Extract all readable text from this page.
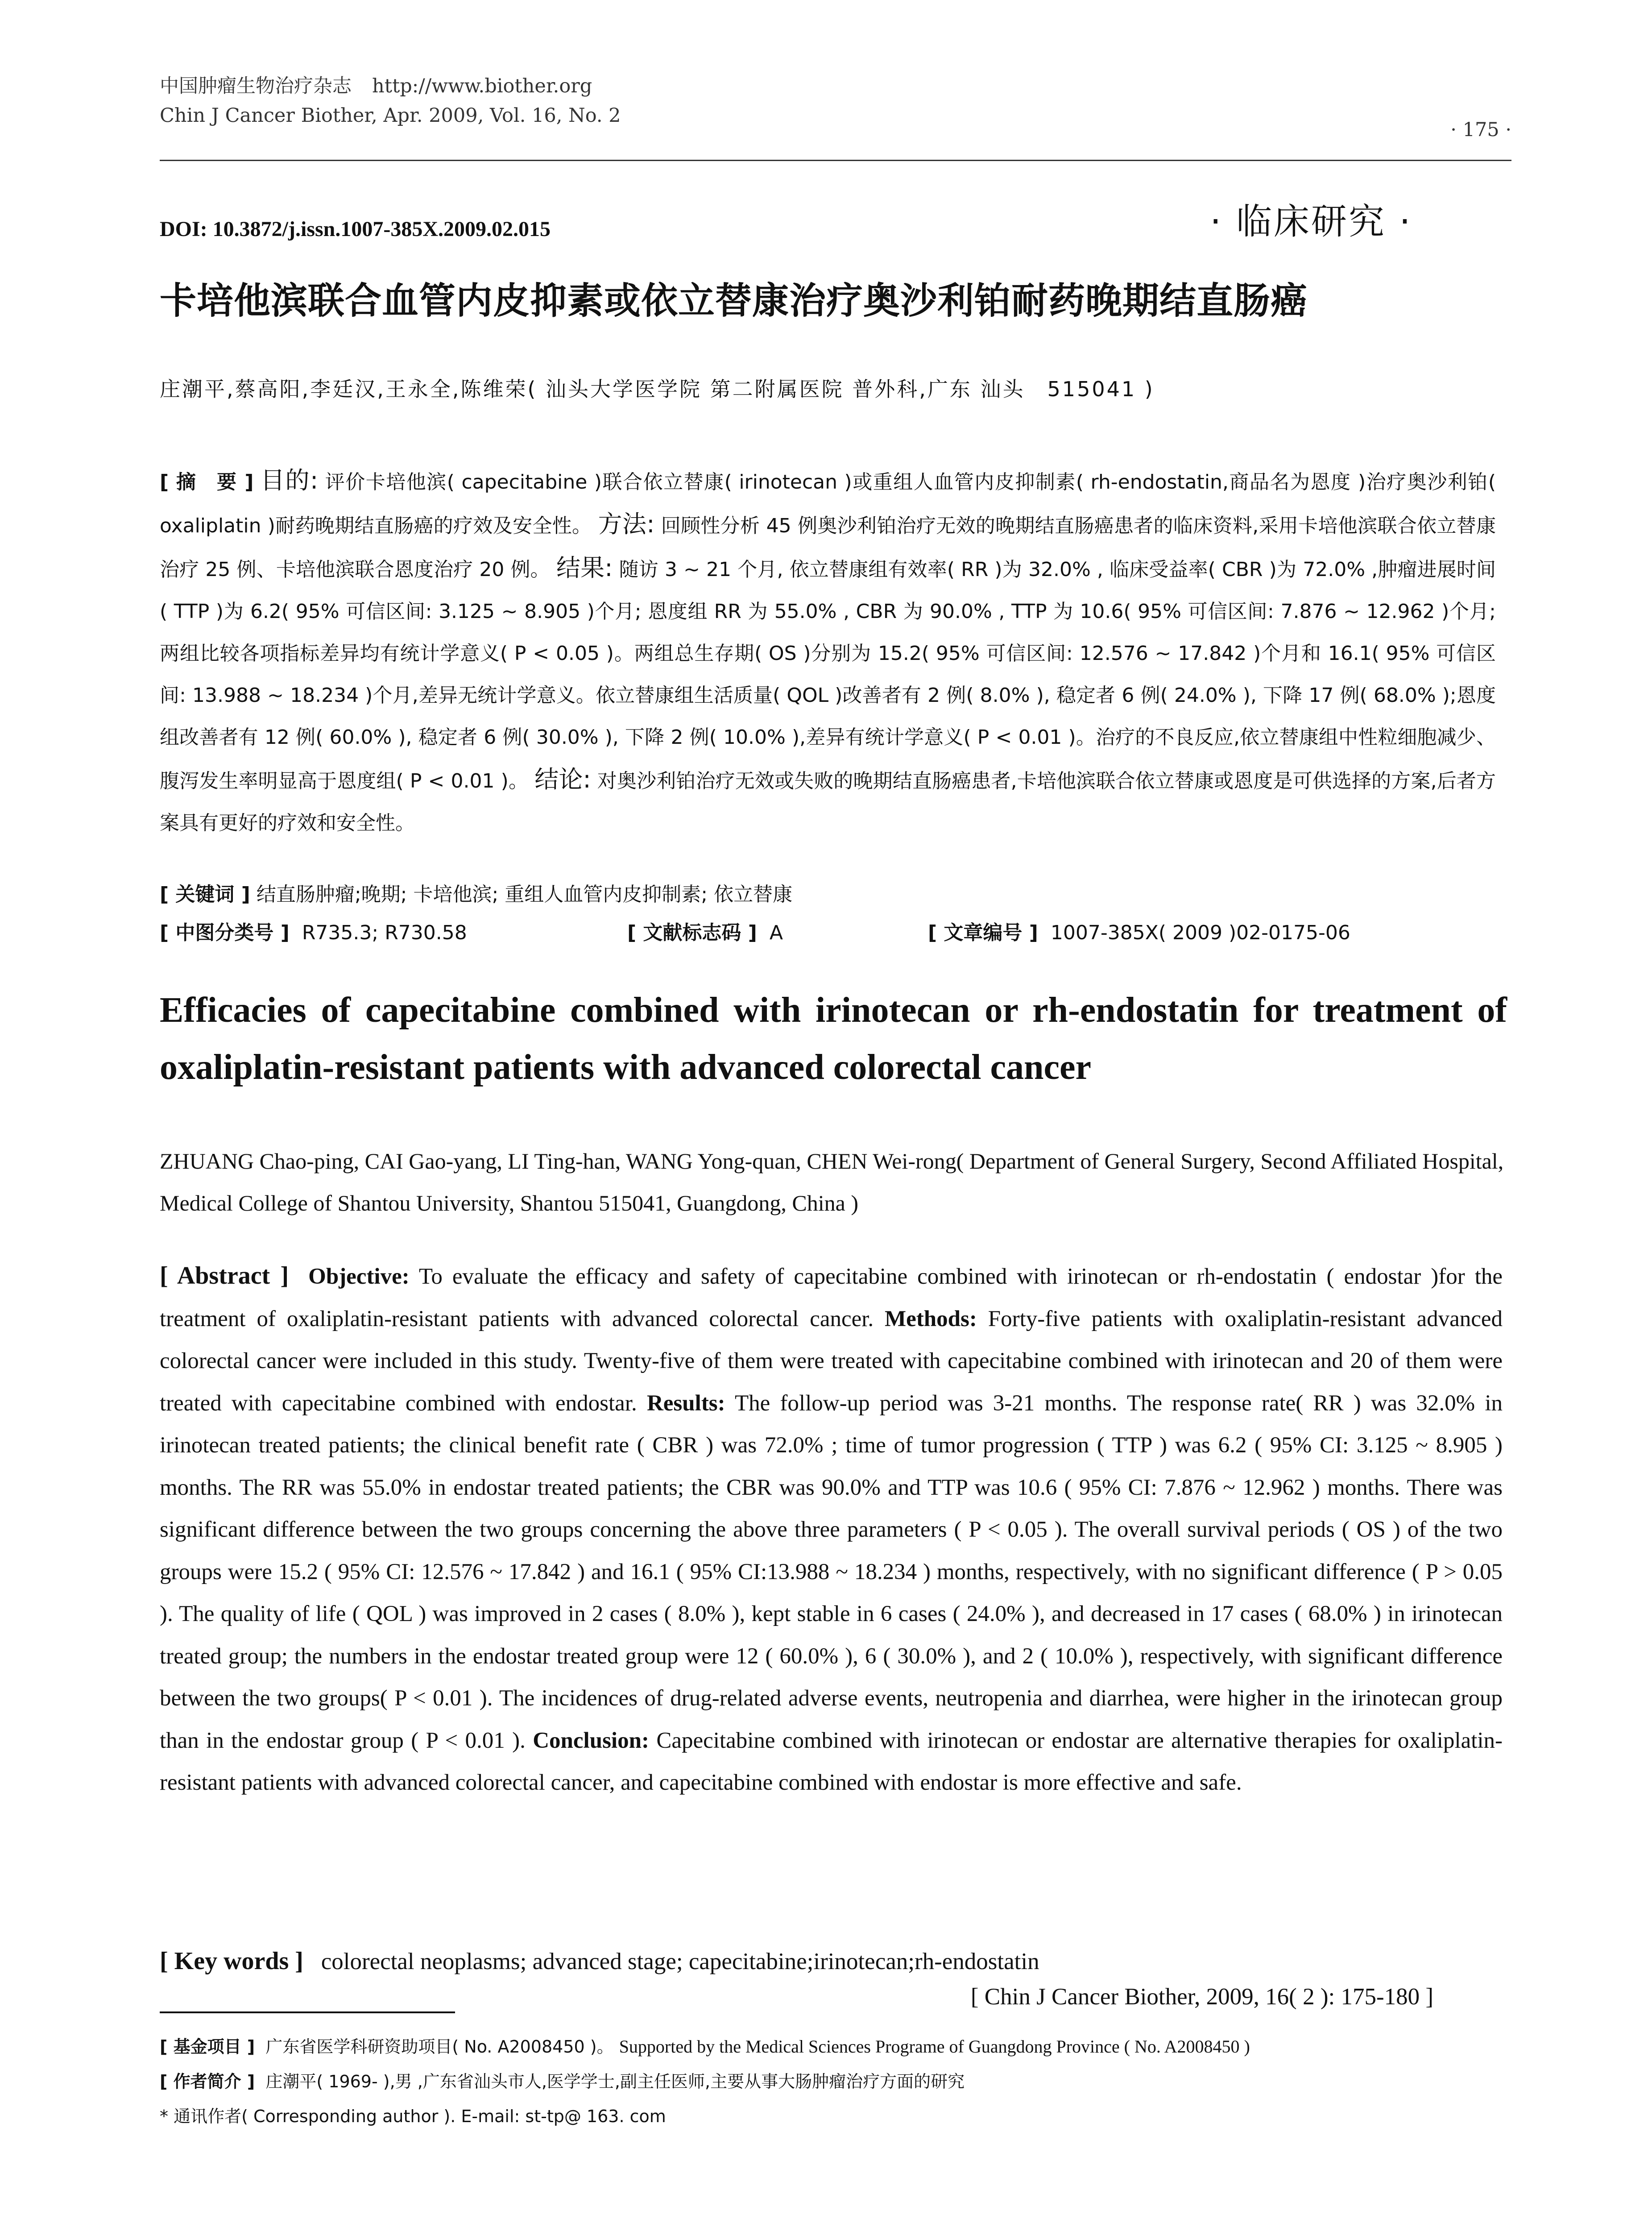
中国肿瘤生物治疗杂志 http://www.biother.org
Chin J Cancer Biother, Apr. 2009, Vol. 16, No. 2
· 175 ·
DOI: 10.3872/j.issn.1007-385X.2009.02.015	· 临床研究 ·
卡培他滨联合血管内皮抑素或依立替康治疗奥沙利铂耐药晚期结直肠癌
庄潮平,蔡高阳,李廷汉,王永全,陈维荣( 汕头大学医学院 第二附属医院 普外科,广东 汕头　515041 )
[ 摘　要 ] 目的: 评价卡培他滨( capecitabine )联合依立替康( irinotecan )或重组人血管内皮抑制素( rh-endostatin,商品名为恩度 )治疗奥沙利铂( oxaliplatin )耐药晚期结直肠癌的疗效及安全性。 方法: 回顾性分析 45 例奥沙利铂治疗无效的晚期结直肠癌患者的临床资料,采用卡培他滨联合依立替康治疗 25 例、卡培他滨联合恩度治疗 20 例。 结果: 随访 3 ~ 21 个月, 依立替康组有效率( RR )为 32.0% , 临床受益率( CBR )为 72.0% ,肿瘤进展时间( TTP )为 6.2( 95% 可信区间: 3.125 ~ 8.905 )个月; 恩度组 RR 为 55.0% , CBR 为 90.0% , TTP 为 10.6( 95% 可信区间: 7.876 ~ 12.962 )个月;两组比较各项指标差异均有统计学意义( P < 0.05 )。两组总生存期( OS )分别为 15.2( 95% 可信区间: 12.576 ~ 17.842 )个月和 16.1( 95% 可信区间: 13.988 ~ 18.234 )个月,差异无统计学意义。依立替康组生活质量( QOL )改善者有 2 例( 8.0% ), 稳定者 6 例( 24.0% ), 下降 17 例( 68.0% );恩度组改善者有 12 例( 60.0% ), 稳定者 6 例( 30.0% ), 下降 2 例( 10.0% ),差异有统计学意义( P < 0.01 )。治疗的不良反应,依立替康组中性粒细胞减少、腹泻发生率明显高于恩度组( P < 0.01 )。 结论: 对奥沙利铂治疗无效或失败的晚期结直肠癌患者,卡培他滨联合依立替康或恩度是可供选择的方案,后者方案具有更好的疗效和安全性。
[ 关键词 ] 结直肠肿瘤;晚期; 卡培他滨; 重组人血管内皮抑制素; 依立替康
[ 中图分类号 ] R735.3; R730.58	[ 文献标志码 ] A	[ 文章编号 ] 1007-385X( 2009 )02-0175-06
Efficacies of capecitabine combined with irinotecan or rh-endostatin for treatment of oxaliplatin-resistant patients with advanced colorectal cancer
ZHUANG Chao-ping, CAI Gao-yang, LI Ting-han, WANG Yong-quan, CHEN Wei-rong( Department of General Surgery, Second Affiliated Hospital, Medical College of Shantou University, Shantou 515041, Guangdong, China )
[ Abstract ] Objective: To evaluate the efficacy and safety of capecitabine combined with irinotecan or rh-endostatin ( endostar )for the treatment of oxaliplatin-resistant patients with advanced colorectal cancer. Methods: Forty-five patients with oxaliplatin-resistant advanced colorectal cancer were included in this study. Twenty-five of them were treated with capecitabine combined with irinotecan and 20 of them were treated with capecitabine combined with endostar. Results: The follow-up period was 3-21 months. The response rate( RR ) was 32.0% in irinotecan treated patients; the clinical benefit rate ( CBR ) was 72.0% ; time of tumor progression ( TTP ) was 6.2 ( 95% CI: 3.125 ~ 8.905 ) months. The RR was 55.0% in endostar treated patients; the CBR was 90.0% and TTP was 10.6 ( 95% CI: 7.876 ~ 12.962 ) months. There was significant difference between the two groups concerning the above three parameters ( P < 0.05 ). The overall survival periods ( OS ) of the two groups were 15.2 ( 95% CI: 12.576 ~ 17.842 ) and 16.1 ( 95% CI:13.988 ~ 18.234 ) months, respectively, with no significant difference ( P > 0.05 ). The quality of life ( QOL ) was improved in 2 cases ( 8.0% ), kept stable in 6 cases ( 24.0% ), and decreased in 17 cases ( 68.0% ) in irinotecan treated group; the numbers in the endostar treated group were 12 ( 60.0% ), 6 ( 30.0% ), and 2 ( 10.0% ), respectively, with significant difference between the two groups( P < 0.01 ). The incidences of drug-related adverse events, neutropenia and diarrhea, were higher in the irinotecan group than in the endostar group ( P < 0.01 ). Conclusion: Capecitabine combined with irinotecan or endostar are alternative therapies for oxaliplatin-resistant patients with advanced colorectal cancer, and capecitabine combined with endostar is more effective and safe.
[ Key words ] colorectal neoplasms; advanced stage; capecitabine;irinotecan;rh-endostatin
[ Chin J Cancer Biother, 2009, 16( 2 ): 175-180 ]
[ 基金项目 ] 广东省医学科研资助项目( No. A2008450 )。 Supported by the Medical Sciences Programe of Guangdong Province ( No. A2008450 )
[ 作者简介 ] 庄潮平( 1969- ),男 ,广东省汕头市人,医学学士,副主任医师,主要从事大肠肿瘤治疗方面的研究
* 通讯作者( Corresponding author ). E-mail: st-tp@ 163. com
